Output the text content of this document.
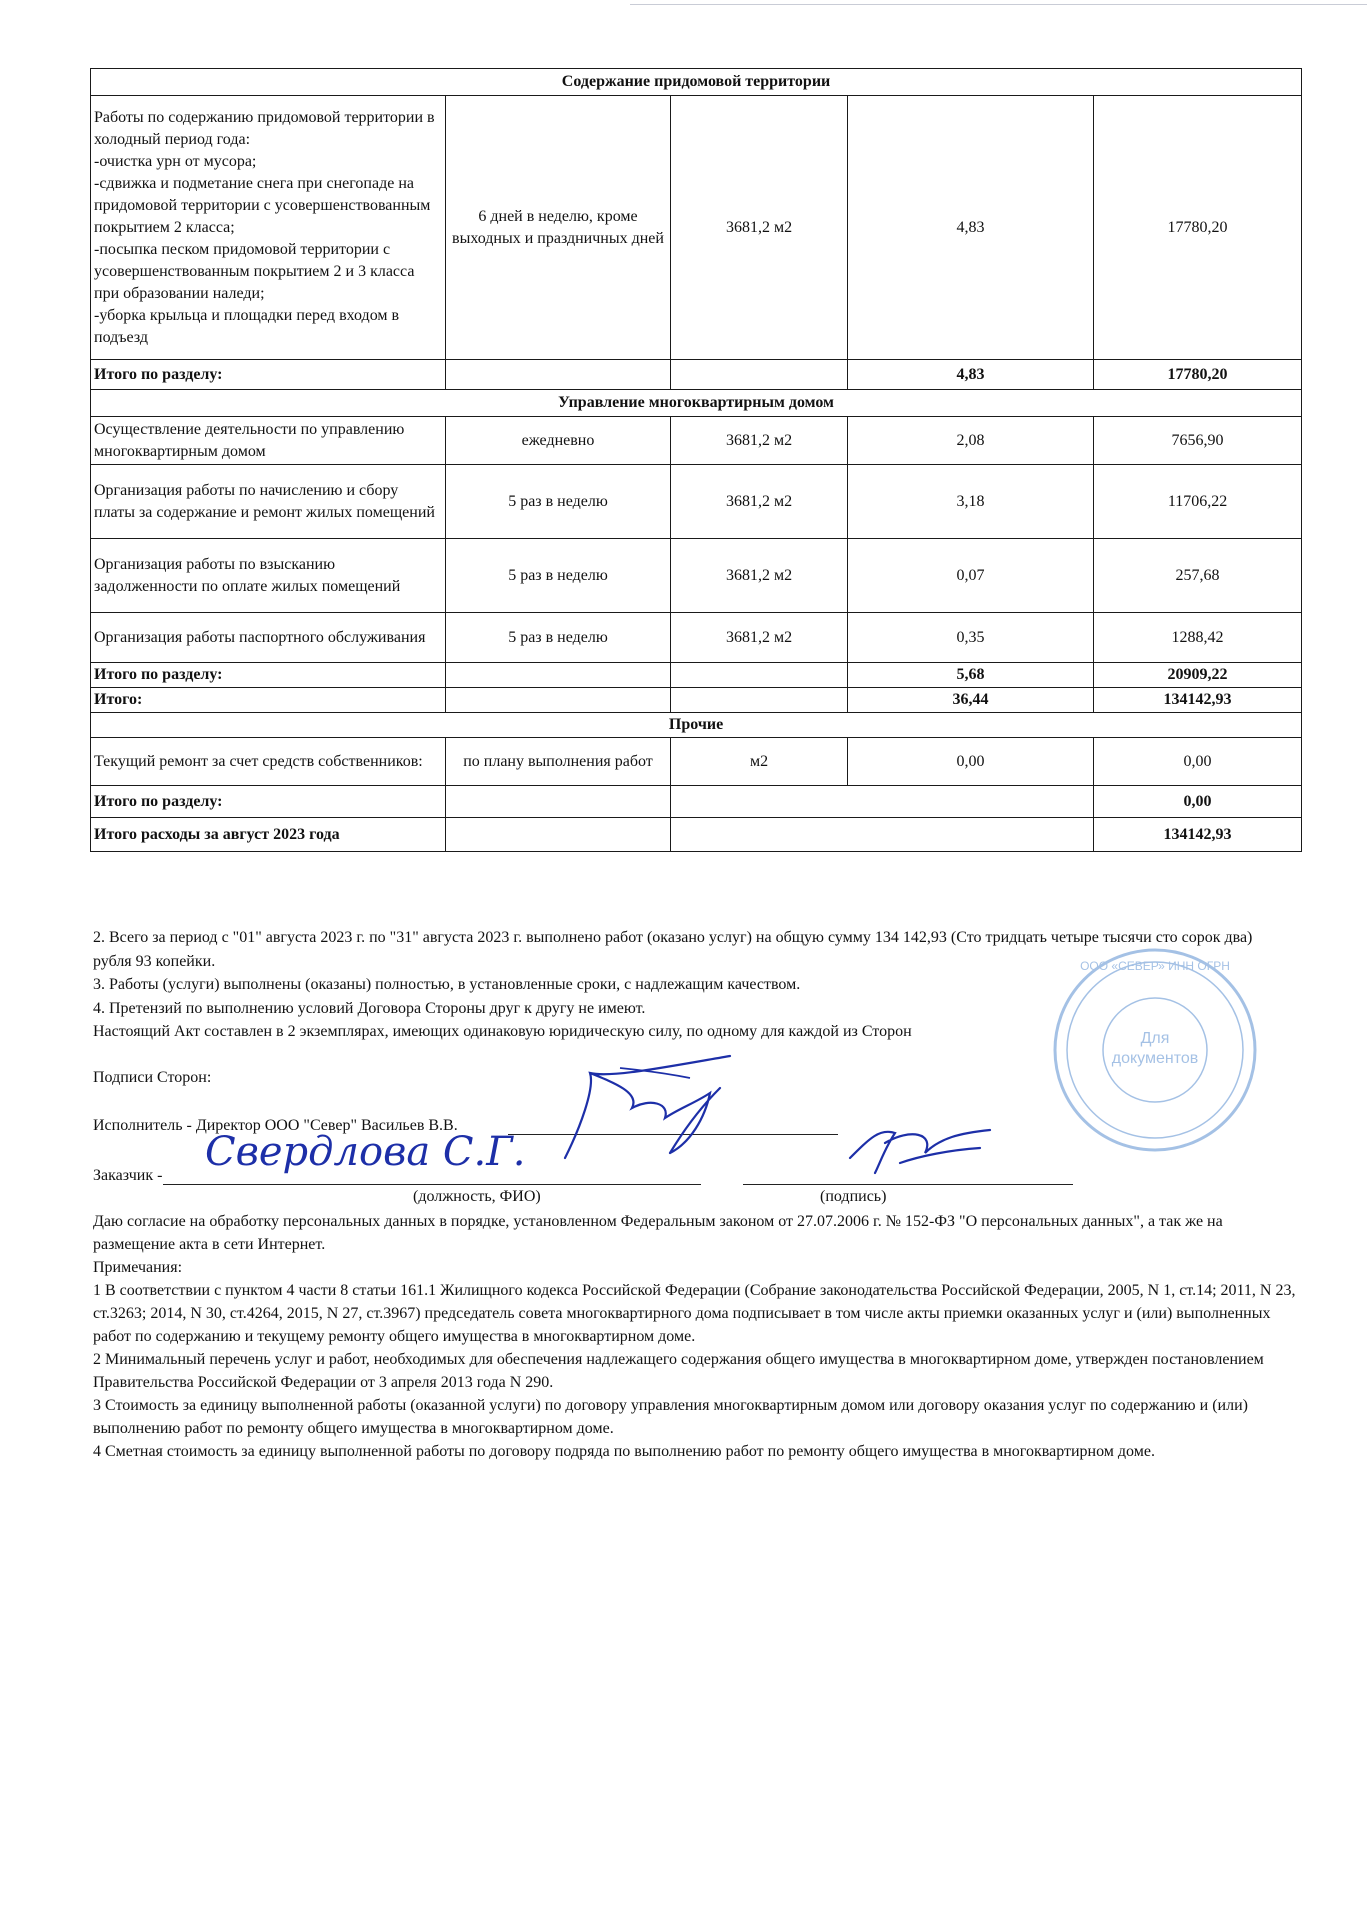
Содержание придомовой территории				
Работы по содержанию придомовой территории в холодный период года:
-очистка урн от мусора;
-сдвижка и подметание снега при снегопаде на придомовой территории с усовершенствованным покрытием 2 класса;
-посыпка песком придомовой территории с усовершенствованным покрытием 2 и 3 класса при образовании наледи;
-уборка крыльца и площадки перед входом в подъезд	6 дней в неделю, кроме выходных и праздничных дней	3681,2 м2	4,83	17780,20
Итого по разделу:			4,83	17780,20
Управление многоквартирным домом				
Осуществление деятельности по управлению многоквартирным домом	ежедневно	3681,2 м2	2,08	7656,90
Организация работы по начислению и сбору платы за содержание и ремонт жилых помещений	5 раз в неделю	3681,2 м2	3,18	11706,22
Организация работы по взысканию задолженности по оплате жилых помещений	5 раз в неделю	3681,2 м2	0,07	257,68
Организация работы паспортного обслуживания	5 раз в неделю	3681,2 м2	0,35	1288,42
Итого по разделу:			5,68	20909,22
Итого:			36,44	134142,93
Прочие				
Текущий ремонт за счет средств собственников:	по плану выполнения работ	м2	0,00	0,00
Итого по разделу:				0,00
Итого расходы за август 2023 года				134142,93

2. Всего за период с "01" августа 2023 г. по "31" августа 2023 г. выполнено работ (оказано услуг) на общую сумму 134 142,93 (Сто тридцать четыре тысячи сто сорок два) рубля 93 копейки.

3. Работы (услуги) выполнены (оказаны) полностью, в установленные сроки, с надлежащим качеством.

4. Претензий по выполнению условий Договора Стороны друг к другу не имеют.

Настоящий Акт составлен в 2 экземплярах, имеющих одинаковую юридическую силу, по одному для каждой из Сторон

Подписи Сторон:
Исполнитель - Директор ООО "Север" Васильев В.В.
Заказчик -
(должность, ФИО)	(подпись)
Свердлова С.Г.
Для
документов
ООО «СЕВЕР» ИНН ОГРН

Даю согласие на обработку персональных данных в порядке, установленном Федеральным законом от 27.07.2006 г. № 152-ФЗ "О персональных данных", а так же на размещение акта в сети Интернет.

Примечания:

1 В соответствии с пунктом 4 части 8 статьи 161.1 Жилищного кодекса Российской Федерации (Собрание законодательства Российской Федерации, 2005, N 1, ст.14; 2011, N 23, ст.3263; 2014, N 30, ст.4264, 2015, N 27, ст.3967) председатель совета многоквартирного дома подписывает в том числе акты приемки оказанных услуг и (или) выполненных работ по содержанию и текущему ремонту общего имущества в многоквартирном доме.

2 Минимальный перечень услуг и работ, необходимых для обеспечения надлежащего содержания общего имущества в многоквартирном доме, утвержден постановлением Правительства Российской Федерации от 3 апреля 2013 года N 290.

3 Стоимость за единицу выполненной работы (оказанной услуги) по договору управления многоквартирным домом или договору оказания услуг по содержанию и (или) выполнению работ по ремонту общего имущества в многоквартирном доме.

4 Сметная стоимость за единицу выполненной работы по договору подряда по выполнению работ по ремонту общего имущества в многоквартирном доме.
